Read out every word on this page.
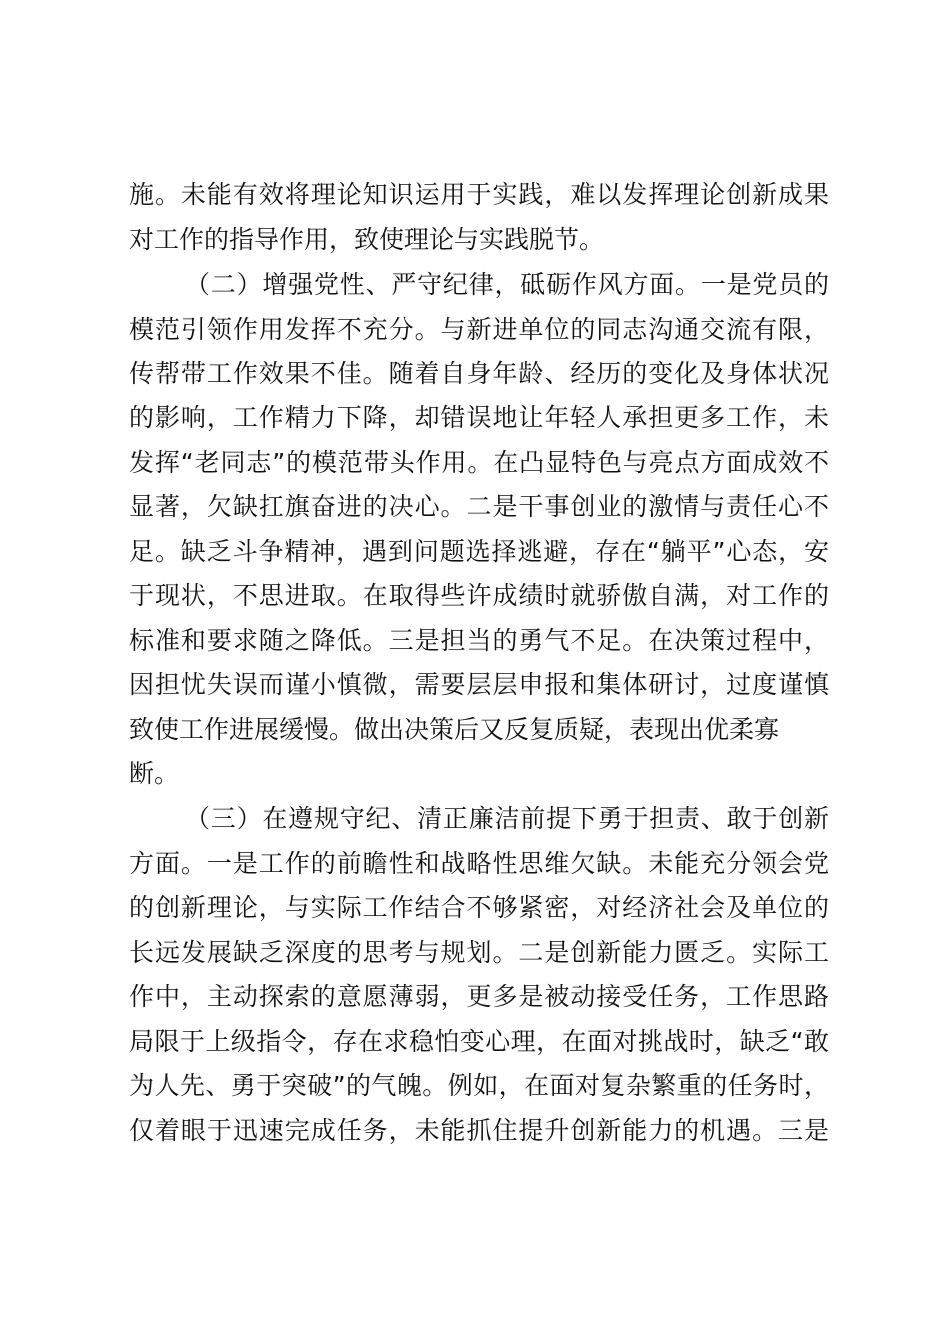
施。未能有效将理论知识运用于实践，难以发挥理论创新成果
对工作的指导作用，致使理论与实践脱节。
（二）增强党性、严守纪律，砥砺作风方面。一是党员的
模范引领作用发挥不充分。与新进单位的同志沟通交流有限，
传帮带工作效果不佳。随着自身年龄、经历的变化及身体状况
的影响，工作精力下降，却错误地让年轻人承担更多工作，未
发挥“老同志”的模范带头作用。在凸显特色与亮点方面成效不
显著，欠缺扛旗奋进的决心。二是干事创业的激情与责任心不
足。缺乏斗争精神，遇到问题选择逃避，存在“躺平”心态，安
于现状，不思进取。在取得些许成绩时就骄傲自满，对工作的
标准和要求随之降低。三是担当的勇气不足。在决策过程中，
因担忧失误而谨小慎微，需要层层申报和集体研讨，过度谨慎
致使工作进展缓慢。做出决策后又反复质疑，表现出优柔寡
断。
（三）在遵规守纪、清正廉洁前提下勇于担责、敢于创新
方面。一是工作的前瞻性和战略性思维欠缺。未能充分领会党
的创新理论，与实际工作结合不够紧密，对经济社会及单位的
长远发展缺乏深度的思考与规划。二是创新能力匮乏。实际工
作中，主动探索的意愿薄弱，更多是被动接受任务，工作思路
局限于上级指令，存在求稳怕变心理，在面对挑战时，缺乏“敢
为人先、勇于突破”的气魄。例如，在面对复杂繁重的任务时，
仅着眼于迅速完成任务，未能抓住提升创新能力的机遇。三是
